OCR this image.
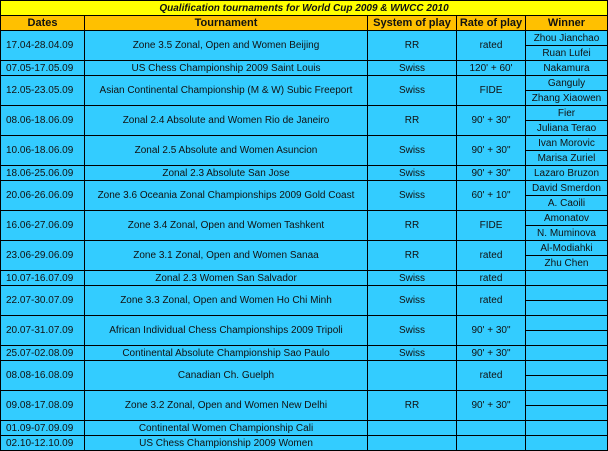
Qualification tournaments for World Cup 2009 & WWCC 2010				
Dates	Tournament	System of play	Rate of play	Winner
17.04-28.04.09	Zone 3.5 Zonal, Open and Women Beijing	RR	rated	Zhou Jianchao
				Ruan Lufei
07.05-17.05.09	US Chess Championship 2009 Saint Louis	Swiss	120' + 60'	Nakamura
12.05-23.05.09	Asian Continental Championship (M & W) Subic Freeport	Swiss	FIDE	Ganguly
				Zhang Xiaowen
08.06-18.06.09	Zonal 2.4 Absolute and Women Rio de Janeiro	RR	90' + 30"	Fier
				Juliana Terao
10.06-18.06.09	Zonal 2.5 Absolute and Women Asuncion	Swiss	90' + 30"	Ivan Morovic
				Marisa Zuriel
18.06-25.06.09	Zonal 2.3 Absolute San Jose	Swiss	90' + 30"	Lazaro Bruzon
20.06-26.06.09	Zone 3.6 Oceania Zonal Championships 2009 Gold Coast	Swiss	60' + 10"	David Smerdon
				A. Caoili
16.06-27.06.09	Zone 3.4 Zonal, Open and Women Tashkent	RR	FIDE	Amonatov
				N. Muminova
23.06-29.06.09	Zone 3.1 Zonal, Open and Women Sanaa	RR	rated	Al-Modiahki
				Zhu Chen
10.07-16.07.09	Zonal 2.3 Women San Salvador	Swiss	rated	
22.07-30.07.09	Zone 3.3 Zonal, Open and Women Ho Chi Minh	Swiss	rated	

20.07-31.07.09	African Individual Chess Championships 2009 Tripoli	Swiss	90' + 30"	

25.07-02.08.09	Continental Absolute Championship Sao Paulo	Swiss	90' + 30"	
08.08-16.08.09	Canadian Ch. Guelph		rated	

09.08-17.08.09	Zone 3.2 Zonal, Open and Women New Delhi	RR	90' + 30"	

01.09-07.09.09	Continental Women Championship Cali			
02.10-12.10.09	US Chess Championship 2009 Women			
